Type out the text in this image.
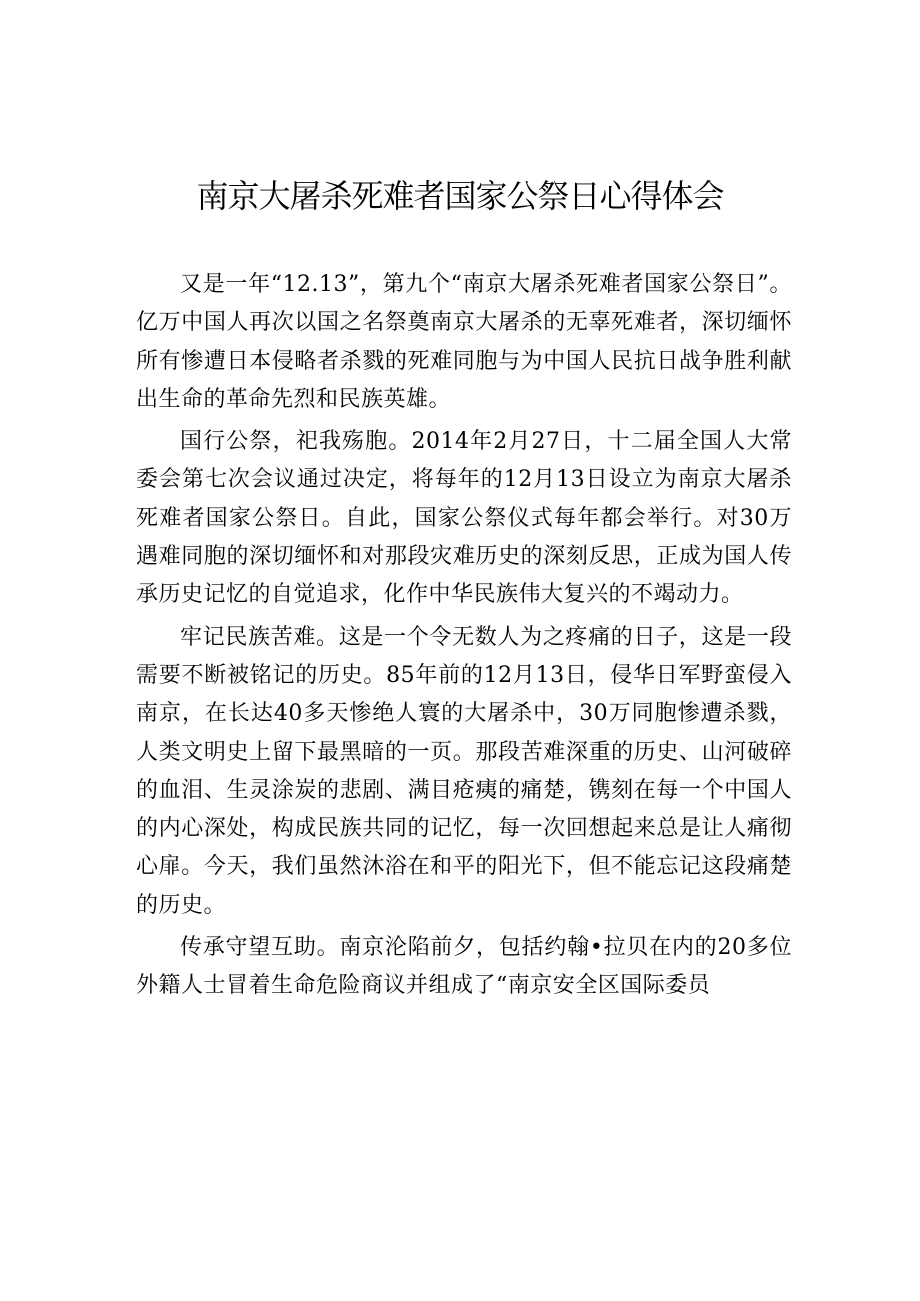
南京大屠杀死难者国家公祭日心得体会

又是一年“12.13”，第九个“南京大屠杀死难者国家公祭日”。亿万中国人再次以国之名祭奠南京大屠杀的无辜死难者，深切缅怀所有惨遭日本侵略者杀戮的死难同胞与为中国人民抗日战争胜利献出生命的革命先烈和民族英雄。

国行公祭，祀我殇胞。2014年2月27日，十二届全国人大常委会第七次会议通过决定，将每年的12月13日设立为南京大屠杀死难者国家公祭日。自此，国家公祭仪式每年都会举行。对30万遇难同胞的深切缅怀和对那段灾难历史的深刻反思，正成为国人传承历史记忆的自觉追求，化作中华民族伟大复兴的不竭动力。

牢记民族苦难。这是一个令无数人为之疼痛的日子，这是一段需要不断被铭记的历史。85年前的12月13日，侵华日军野蛮侵入南京，在长达40多天惨绝人寰的大屠杀中，30万同胞惨遭杀戮，人类文明史上留下最黑暗的一页。那段苦难深重的历史、山河破碎的血泪、生灵涂炭的悲剧、满目疮痍的痛楚，镌刻在每一个中国人的内心深处，构成民族共同的记忆，每一次回想起来总是让人痛彻心扉。今天，我们虽然沐浴在和平的阳光下，但不能忘记这段痛楚的历史。

传承守望互助。南京沦陷前夕，包括约翰•拉贝在内的20多位外籍人士冒着生命危险商议并组成了“南京安全区国际委员
